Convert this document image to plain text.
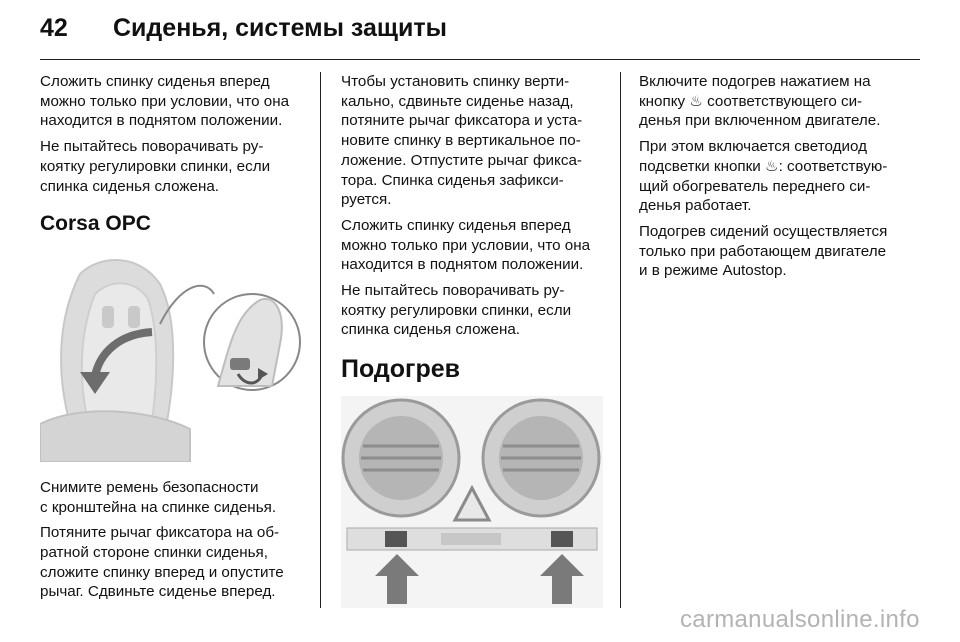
42 Сиденья, системы защиты

Сложить спинку сиденья вперед
можно только при условии, что она
находится в поднятом положении.

Не пытайтесь поворачивать ру-
коятку регулировки спинки, если
спинка сиденья сложена.

Corsa OPC

Снимите ремень безопасности
с кронштейна на спинке сиденья.

Потяните рычаг фиксатора на об-
ратной стороне спинки сиденья,
сложите спинку вперед и опустите
рычаг. Сдвиньте сиденье вперед.

Чтобы установить спинку верти-
кально, сдвиньте сиденье назад,
потяните рычаг фиксатора и уста-
новите спинку в вертикальное по-
ложение. Отпустите рычаг фикса-
тора. Спинка сиденья зафикси-
руется.

Сложить спинку сиденья вперед
можно только при условии, что она
находится в поднятом положении.

Не пытайтесь поворачивать ру-
коятку регулировки спинки, если
спинка сиденья сложена.

Подогрев

Включите подогрев нажатием на
кнопку ♨ соответствующего си-
денья при включенном двигателе.

При этом включается светодиод
подсветки кнопки ♨: соответствую-
щий обогреватель переднего си-
денья работает.

Подогрев сидений осуществляется
только при работающем двигателе
и в режиме Autostop.

carmanualsonline.info
